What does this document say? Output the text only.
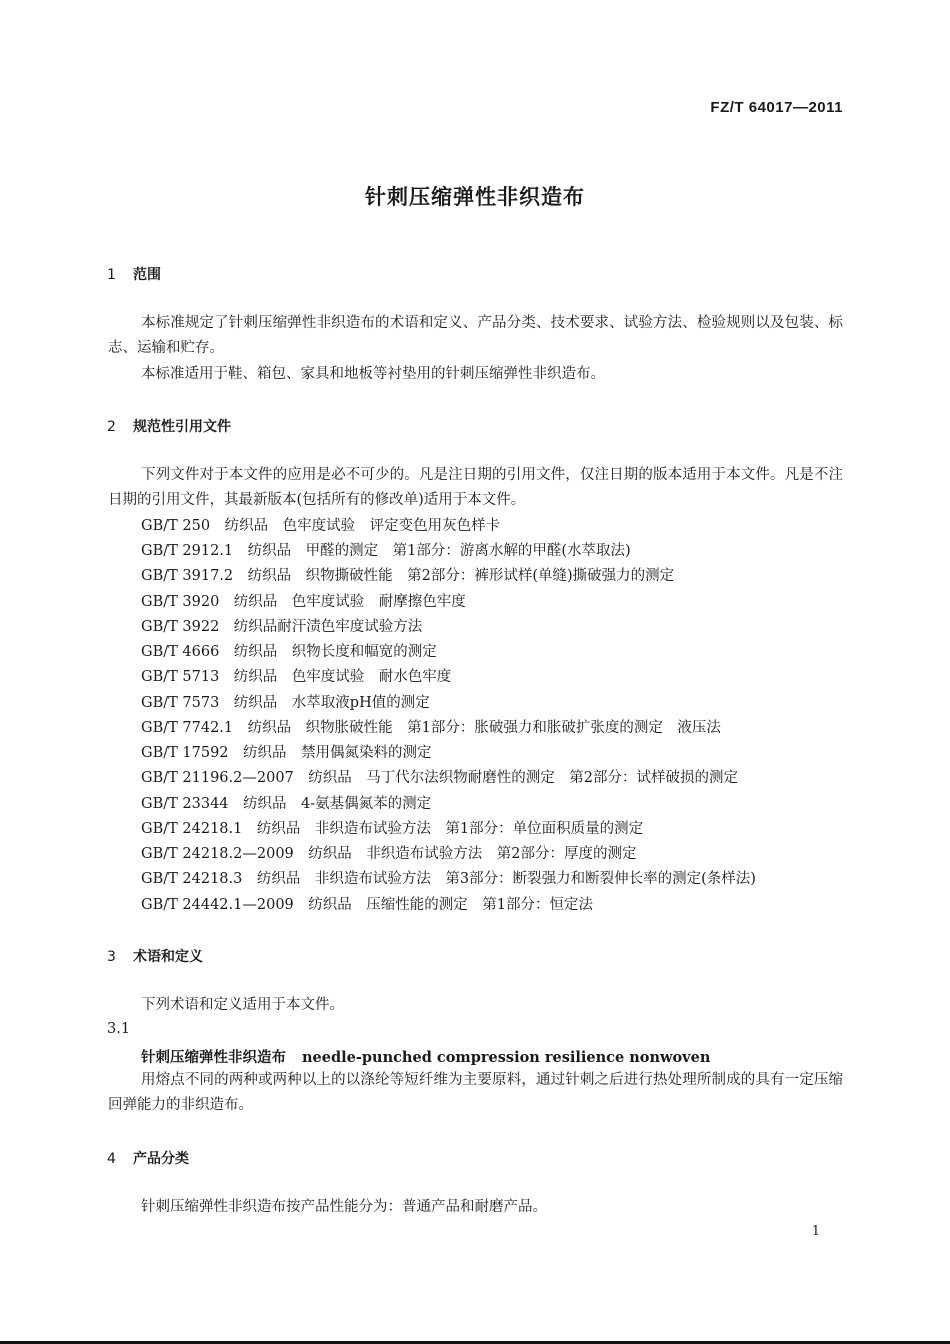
FZ/T 64017—2011
针刺压缩弹性非织造布
1 范围

本标准规定了针刺压缩弹性非织造布的术语和定义、产品分类、技术要求、试验方法、检验规则以及包装、标志、运输和贮存。

本标准适用于鞋、箱包、家具和地板等衬垫用的针刺压缩弹性非织造布。

2 规范性引用文件

下列文件对于本文件的应用是必不可少的。凡是注日期的引用文件，仅注日期的版本适用于本文件。凡是不注日期的引用文件，其最新版本(包括所有的修改单)适用于本文件。

GB/T 250　纺织品　色牢度试验　评定变色用灰色样卡
GB/T 2912.1　纺织品　甲醛的测定　第1部分：游离水解的甲醛(水萃取法)
GB/T 3917.2　纺织品　织物撕破性能　第2部分：裤形试样(单缝)撕破强力的测定
GB/T 3920　纺织品　色牢度试验　耐摩擦色牢度
GB/T 3922　纺织品耐汗渍色牢度试验方法
GB/T 4666　纺织品　织物长度和幅宽的测定
GB/T 5713　纺织品　色牢度试验　耐水色牢度
GB/T 7573　纺织品　水萃取液pH值的测定
GB/T 7742.1　纺织品　织物胀破性能　第1部分：胀破强力和胀破扩张度的测定　液压法
GB/T 17592　纺织品　禁用偶氮染料的测定
GB/T 21196.2—2007　纺织品　马丁代尔法织物耐磨性的测定　第2部分：试样破损的测定
GB/T 23344　纺织品　4-氨基偶氮苯的测定
GB/T 24218.1　纺织品　非织造布试验方法　第1部分：单位面积质量的测定
GB/T 24218.2—2009　纺织品　非织造布试验方法　第2部分：厚度的测定
GB/T 24218.3　纺织品　非织造布试验方法　第3部分：断裂强力和断裂伸长率的测定(条样法)
GB/T 24442.1—2009　纺织品　压缩性能的测定　第1部分：恒定法
3 术语和定义

下列术语和定义适用于本文件。

3.1
针刺压缩弹性非织造布 needle-punched compression resilience nonwoven

用熔点不同的两种或两种以上的以涤纶等短纤维为主要原料，通过针刺之后进行热处理所制成的具有一定压缩回弹能力的非织造布。

4 产品分类

针刺压缩弹性非织造布按产品性能分为：普通产品和耐磨产品。

1
